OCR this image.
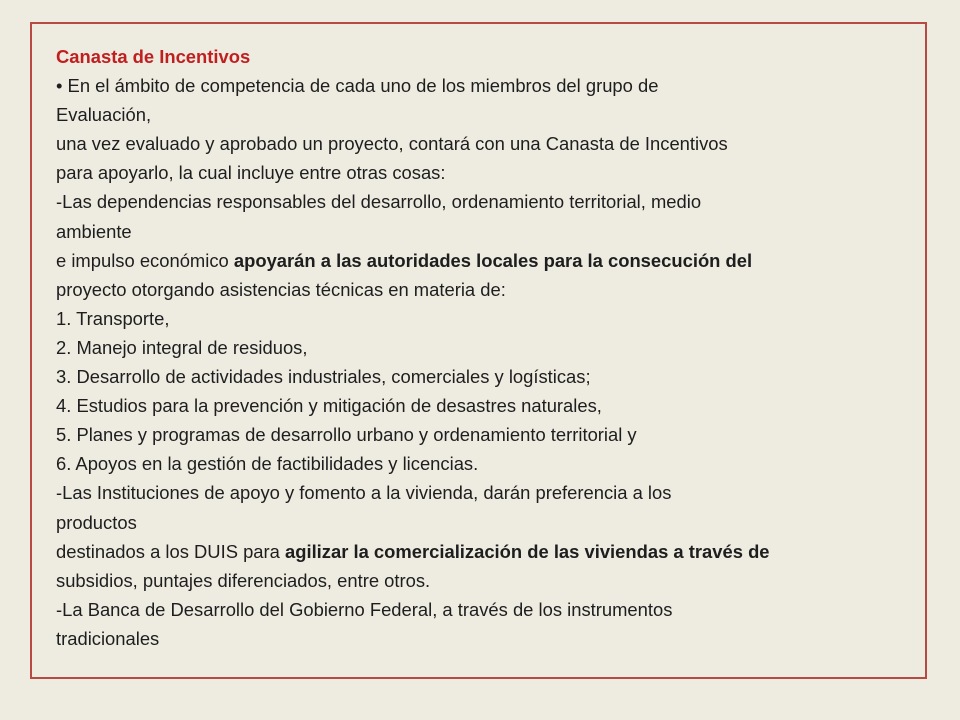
Canasta de Incentivos
• En el ámbito de competencia de cada uno de los miembros del grupo de
Evaluación,
una vez evaluado y aprobado un proyecto, contará con una Canasta de Incentivos
para apoyarlo, la cual incluye entre otras cosas:
-Las dependencias responsables del desarrollo, ordenamiento territorial, medio
ambiente
e impulso económico apoyarán a las autoridades locales para la consecución del
proyecto otorgando asistencias técnicas en materia de:
1. Transporte,
2. Manejo integral de residuos,
3. Desarrollo de actividades industriales, comerciales y logísticas;
4. Estudios para la prevención y mitigación de desastres naturales,
5. Planes y programas de desarrollo urbano y ordenamiento territorial y
6. Apoyos en la gestión de factibilidades y licencias.
-Las Instituciones de apoyo y fomento a la vivienda, darán preferencia a los
productos
destinados a los DUIS para agilizar la comercialización de las viviendas a través de
subsidios, puntajes diferenciados, entre otros.
-La Banca de Desarrollo del Gobierno Federal, a través de los instrumentos
tradicionales
